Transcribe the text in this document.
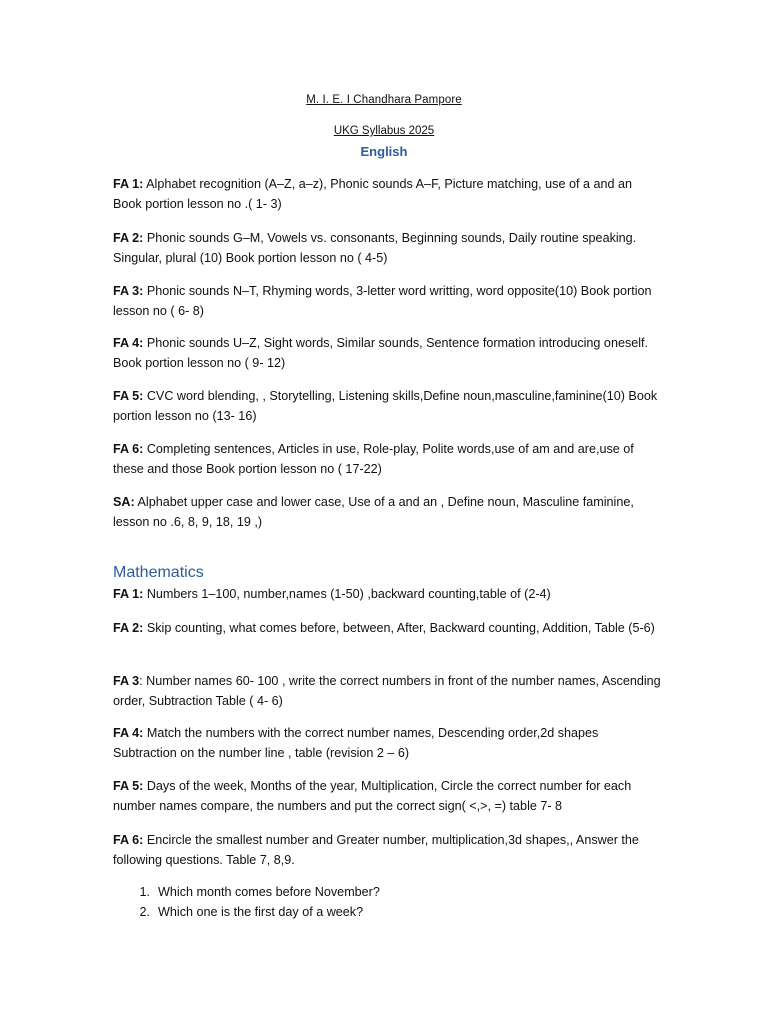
M. I. E. I Chandhara Pampore
UKG Syllabus 2025
English
FA 1: Alphabet recognition (A–Z, a–z), Phonic sounds A–F, Picture matching, use of a and an Book portion lesson no .( 1- 3)
FA 2: Phonic sounds G–M, Vowels vs. consonants, Beginning sounds, Daily routine speaking. Singular, plural (10) Book portion lesson no ( 4-5)
FA 3: Phonic sounds N–T, Rhyming words, 3-letter word writting, word opposite(10) Book portion lesson no ( 6- 8)
FA 4: Phonic sounds U–Z, Sight words, Similar sounds, Sentence formation introducing oneself. Book portion lesson no ( 9- 12)
FA 5: CVC word blending, , Storytelling, Listening skills,Define noun,masculine,faminine(10) Book portion lesson no (13- 16)
FA 6: Completing sentences, Articles in use, Role-play, Polite words,use of am and are,use of these and those Book portion lesson no ( 17-22)
SA: Alphabet upper case and lower case, Use of a and an , Define noun, Masculine faminine, lesson no .6, 8, 9, 18, 19 ,)
Mathematics
FA 1: Numbers 1–100, number,names (1-50) ,backward counting,table of (2-4)
FA 2: Skip counting, what comes before, between, After, Backward counting, Addition, Table (5-6)
FA 3: Number names 60- 100 , write the correct numbers in front of the number names, Ascending order, Subtraction Table ( 4- 6)
FA 4: Match the numbers with the correct number names, Descending order,2d shapes Subtraction on the number line , table (revision 2 – 6)
FA 5: Days of the week, Months of the year, Multiplication, Circle the correct number for each number names compare, the numbers and put the correct sign( <,>, =) table 7- 8
FA 6: Encircle the smallest number and Greater number, multiplication,3d shapes,, Answer the following questions. Table 7, 8,9.
1. Which month comes before November?
2. Which one is the first day of a week?
